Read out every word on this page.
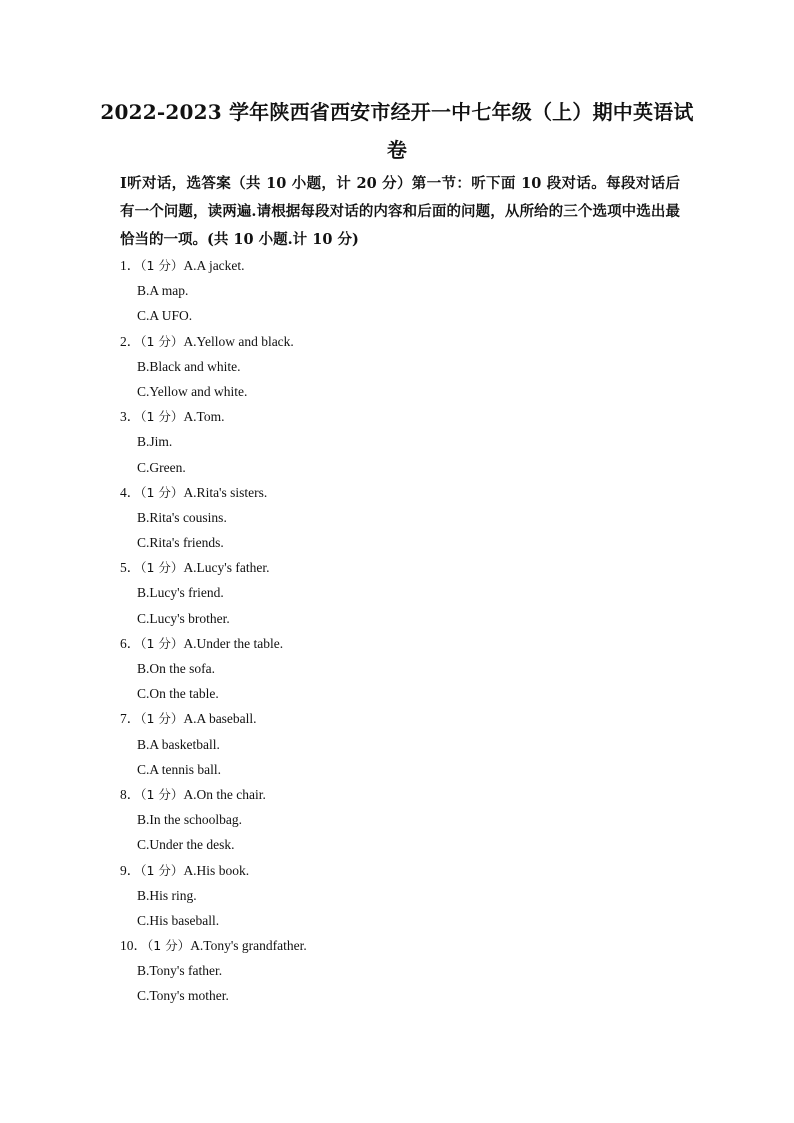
2022-2023 学年陕西省西安市经开一中七年级（上）期中英语试卷
I听对话，选答案（共 10 小题，计 20 分）第一节：听下面 10 段对话。每段对话后有一个问题，读两遍.请根据每段对话的内容和后面的问题，从所给的三个选项中选出最恰当的一项。(共 10 小题.计 10 分)
1．（1 分）A.A jacket.
B.A map.
C.A UFO.
2．（1 分）A.Yellow and black.
B.Black and white.
C.Yellow and white.
3．（1 分）A.Tom.
B.Jim.
C.Green.
4．（1 分）A.Rita's sisters.
B.Rita's cousins.
C.Rita's friends.
5．（1 分）A.Lucy's father.
B.Lucy's friend.
C.Lucy's brother.
6．（1 分）A.Under the table.
B.On the sofa.
C.On the table.
7．（1 分）A.A baseball.
B.A basketball.
C.A tennis ball.
8．（1 分）A.On the chair.
B.In the schoolbag.
C.Under the desk.
9．（1 分）A.His book.
B.His ring.
C.His baseball.
10．（1 分）A.Tony's grandfather.
B.Tony's father.
C.Tony's mother.
